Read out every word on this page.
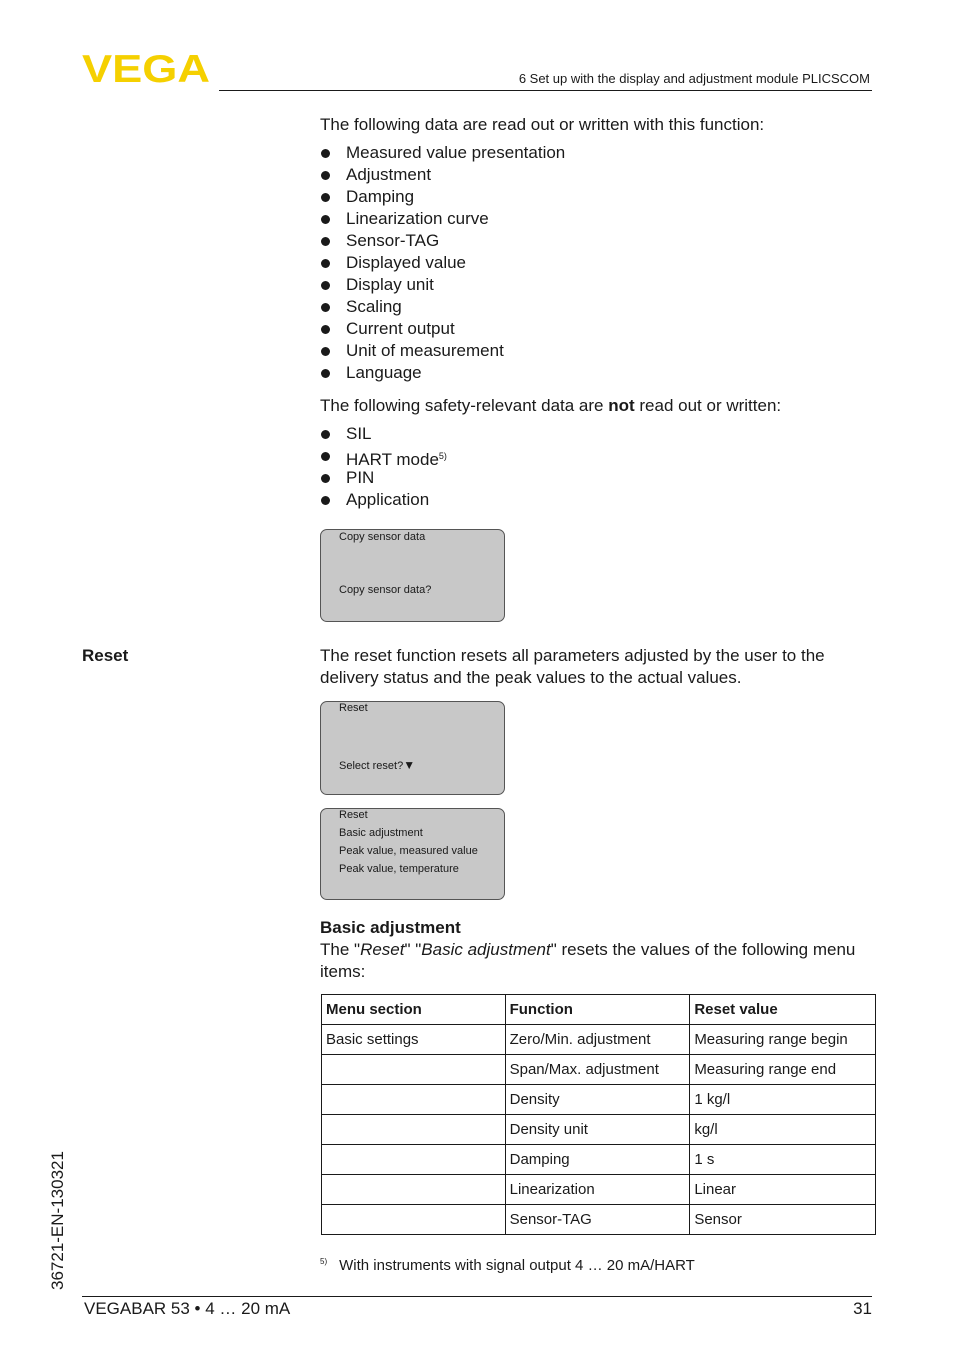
VEGA	6 Set up with the display and adjustment module PLICSCOM
The following data are read out or written with this function:
Measured value presentation
Adjustment
Damping
Linearization curve
Sensor-TAG
Displayed value
Display unit
Scaling
Current output
Unit of measurement
Language
The following safety-relevant data are not read out or written:
SIL
HART mode$^{5)}$
PIN
Application
Copy sensor data
Copy sensor data?
Reset	The reset function resets all parameters adjusted by the user to the delivery status and the peak values to the actual values.
Reset
Select reset?▼
Reset
Basic adjustment
Peak value, measured value
Peak value, temperature
Basic adjustment
The "Reset" "Basic adjustment" resets the values of the following menu items:
Menu section	Function	Reset value
Basic settings	Zero/Min. adjustment	Measuring range begin
	Span/Max. adjustment	Measuring range end
	Density	1 kg/l
	Density unit	kg/l
	Damping	1 s
	Linearization	Linear
	Sensor-TAG	Sensor
$^{5)}$ With instruments with signal output 4 … 20 mA/HART
36721-EN-130321
VEGABAR 53 • 4 … 20 mA	31
